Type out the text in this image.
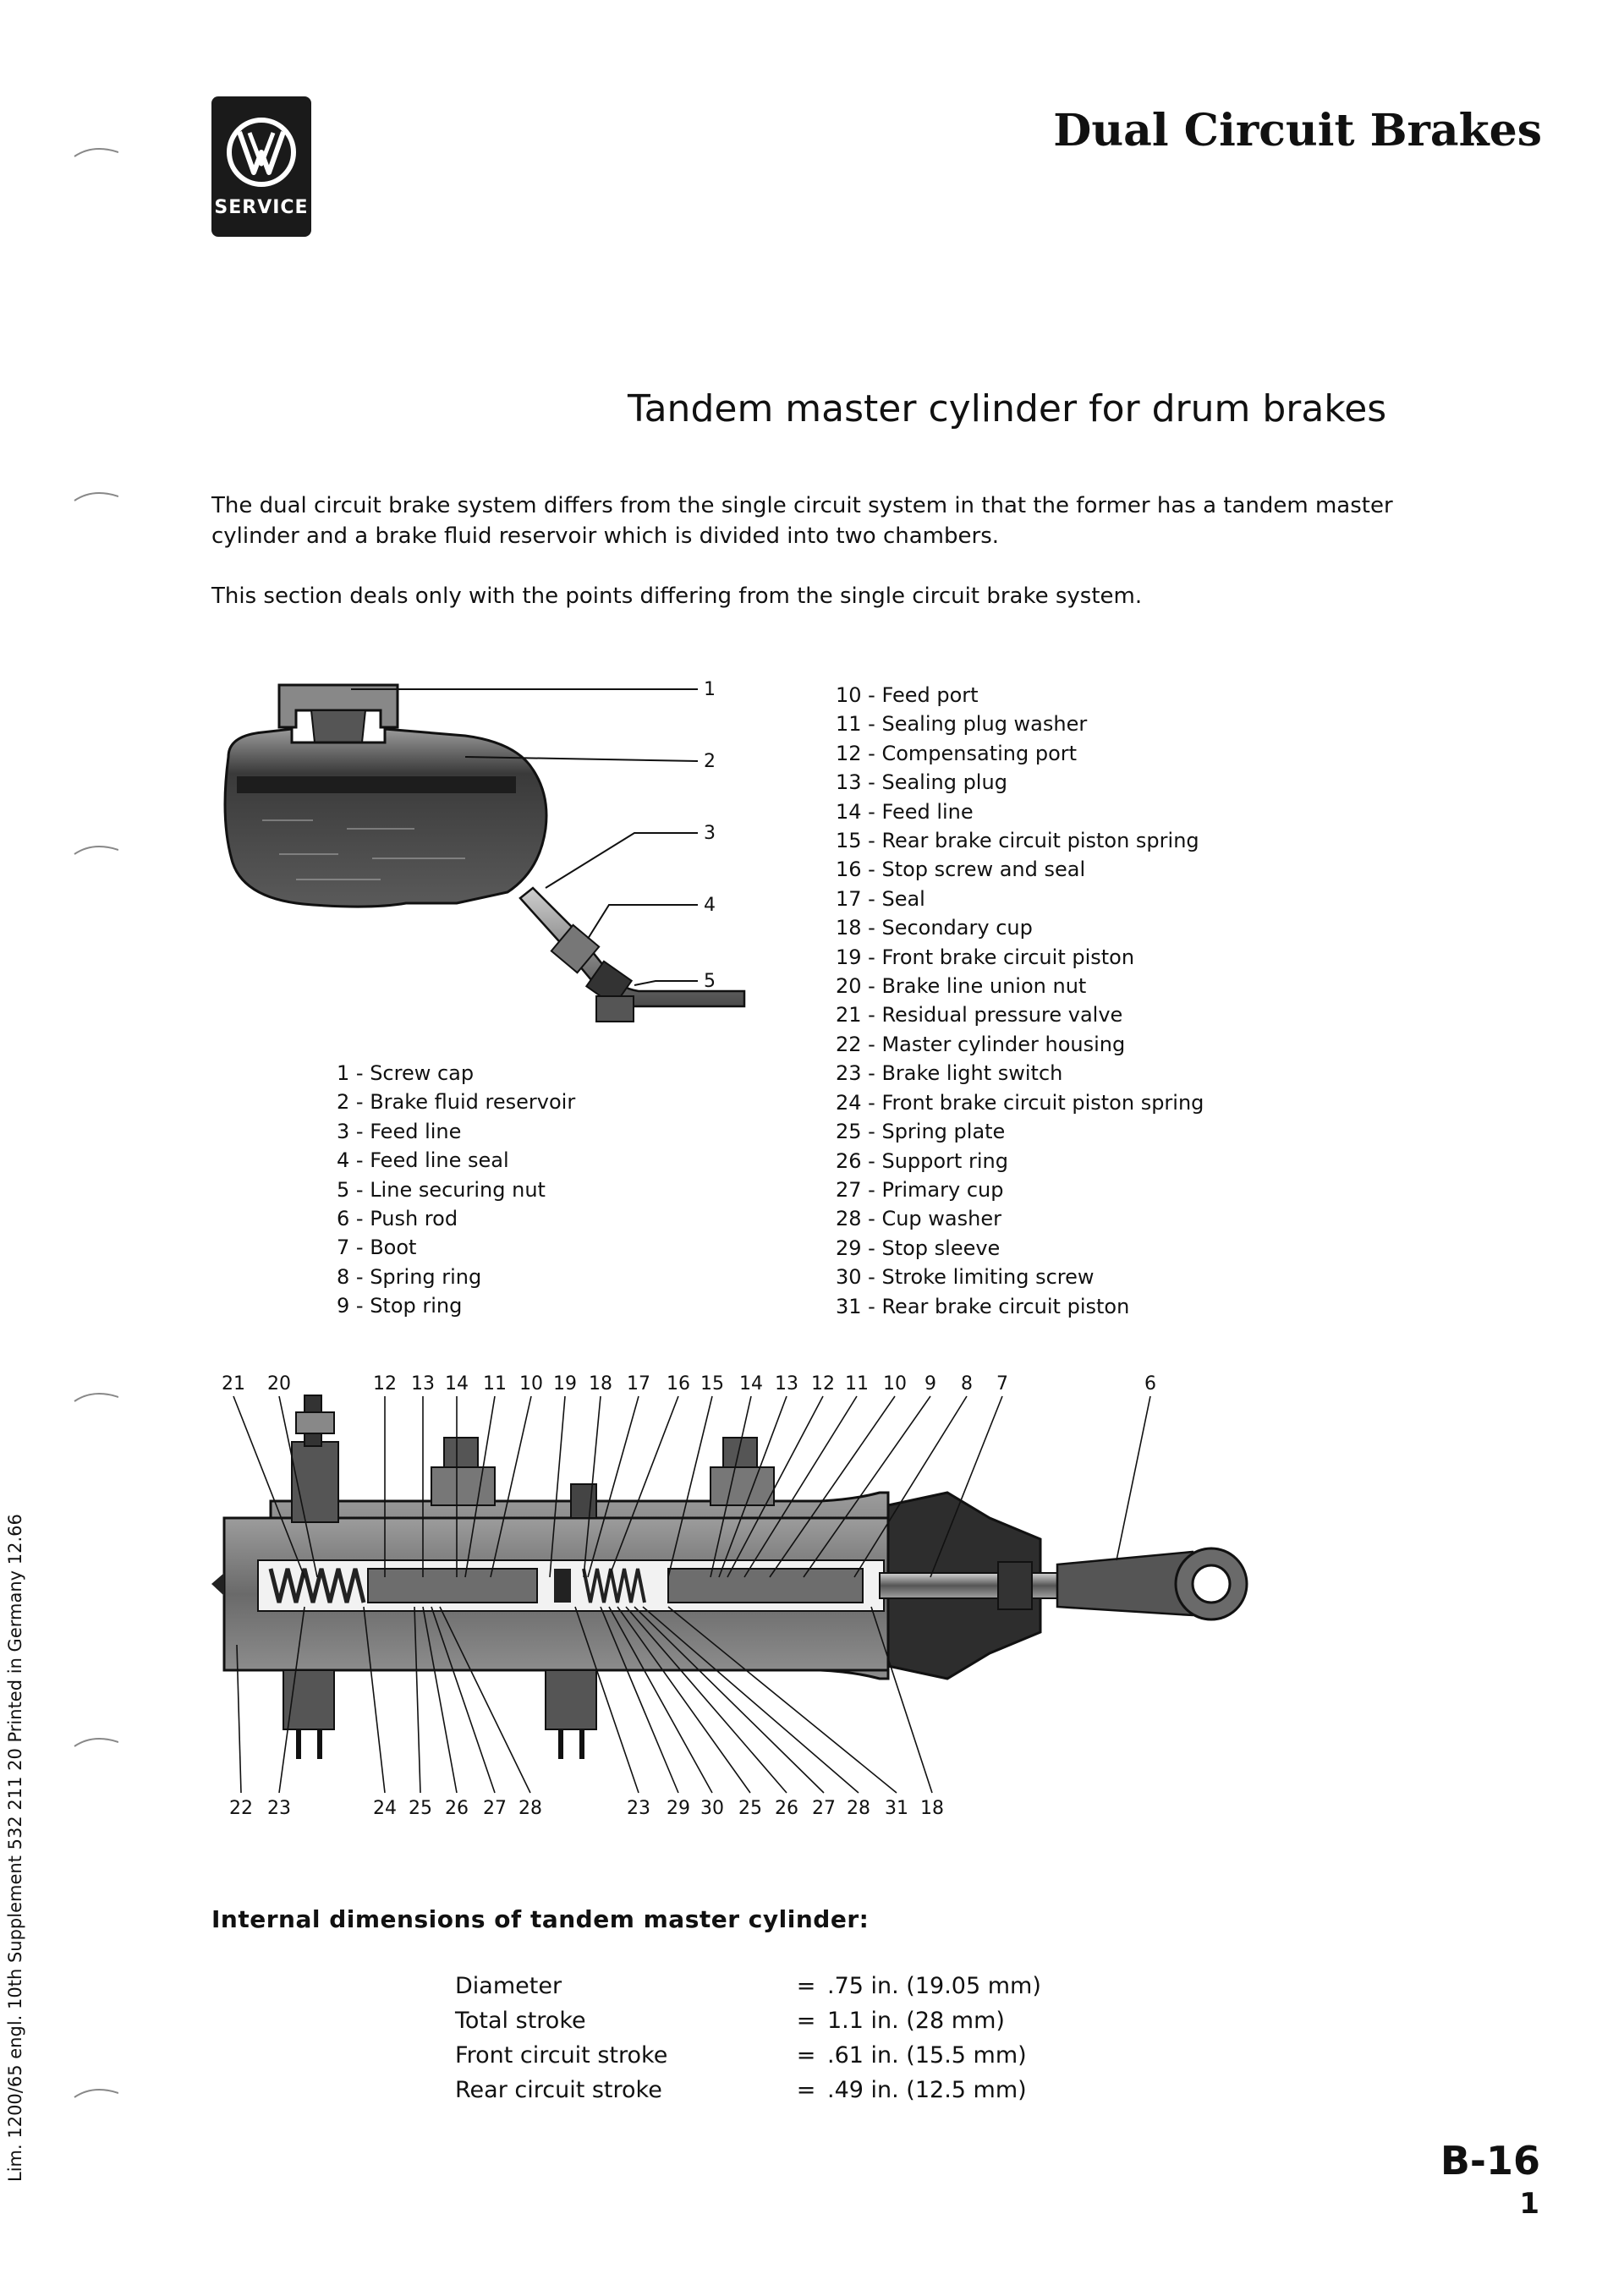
SERVICE
Dual Circuit Brakes
Tandem master cylinder for drum brakes
The dual circuit brake system differs from the single circuit system in that the former has a tandem master cylinder and a brake fluid reservoir which is divided into two chambers.
This section deals only with the points differing from the single circuit brake system.
1
2
3
4
5
1 - Screw cap
2 - Brake fluid reservoir
3 - Feed line
4 - Feed line seal
5 - Line securing nut
6 - Push rod
7 - Boot
8 - Spring ring
9 - Stop ring
10 - Feed port
11 - Sealing plug washer
12 - Compensating port
13 - Sealing plug
14 - Feed line
15 - Rear brake circuit piston spring
16 - Stop screw and seal
17 - Seal
18 - Secondary cup
19 - Front brake circuit piston
20 - Brake line union nut
21 - Residual pressure valve
22 - Master cylinder housing
23 - Brake light switch
24 - Front brake circuit piston spring
25 - Spring plate
26 - Support ring
27 - Primary cup
28 - Cup washer
29 - Stop sleeve
30 - Stroke limiting screw
31 - Rear brake circuit piston
21 20	12 13 14 11 10 19 18 17 16 15 14 13 12 11 10 9 8 7	6
22 23	24 25 26 27 28	23 29 30 25 26 27 28 31 18
Internal dimensions of tandem master cylinder:
Diameter	=	.75 in. (19.05 mm)
Total stroke	=	1.1 in. (28 mm)
Front circuit stroke	=	.61 in. (15.5 mm)
Rear circuit stroke	=	.49 in. (12.5 mm)
B-16
1
Lim. 1200/65 engl. 10th Supplement 532 211 20 Printed in Germany 12.66
